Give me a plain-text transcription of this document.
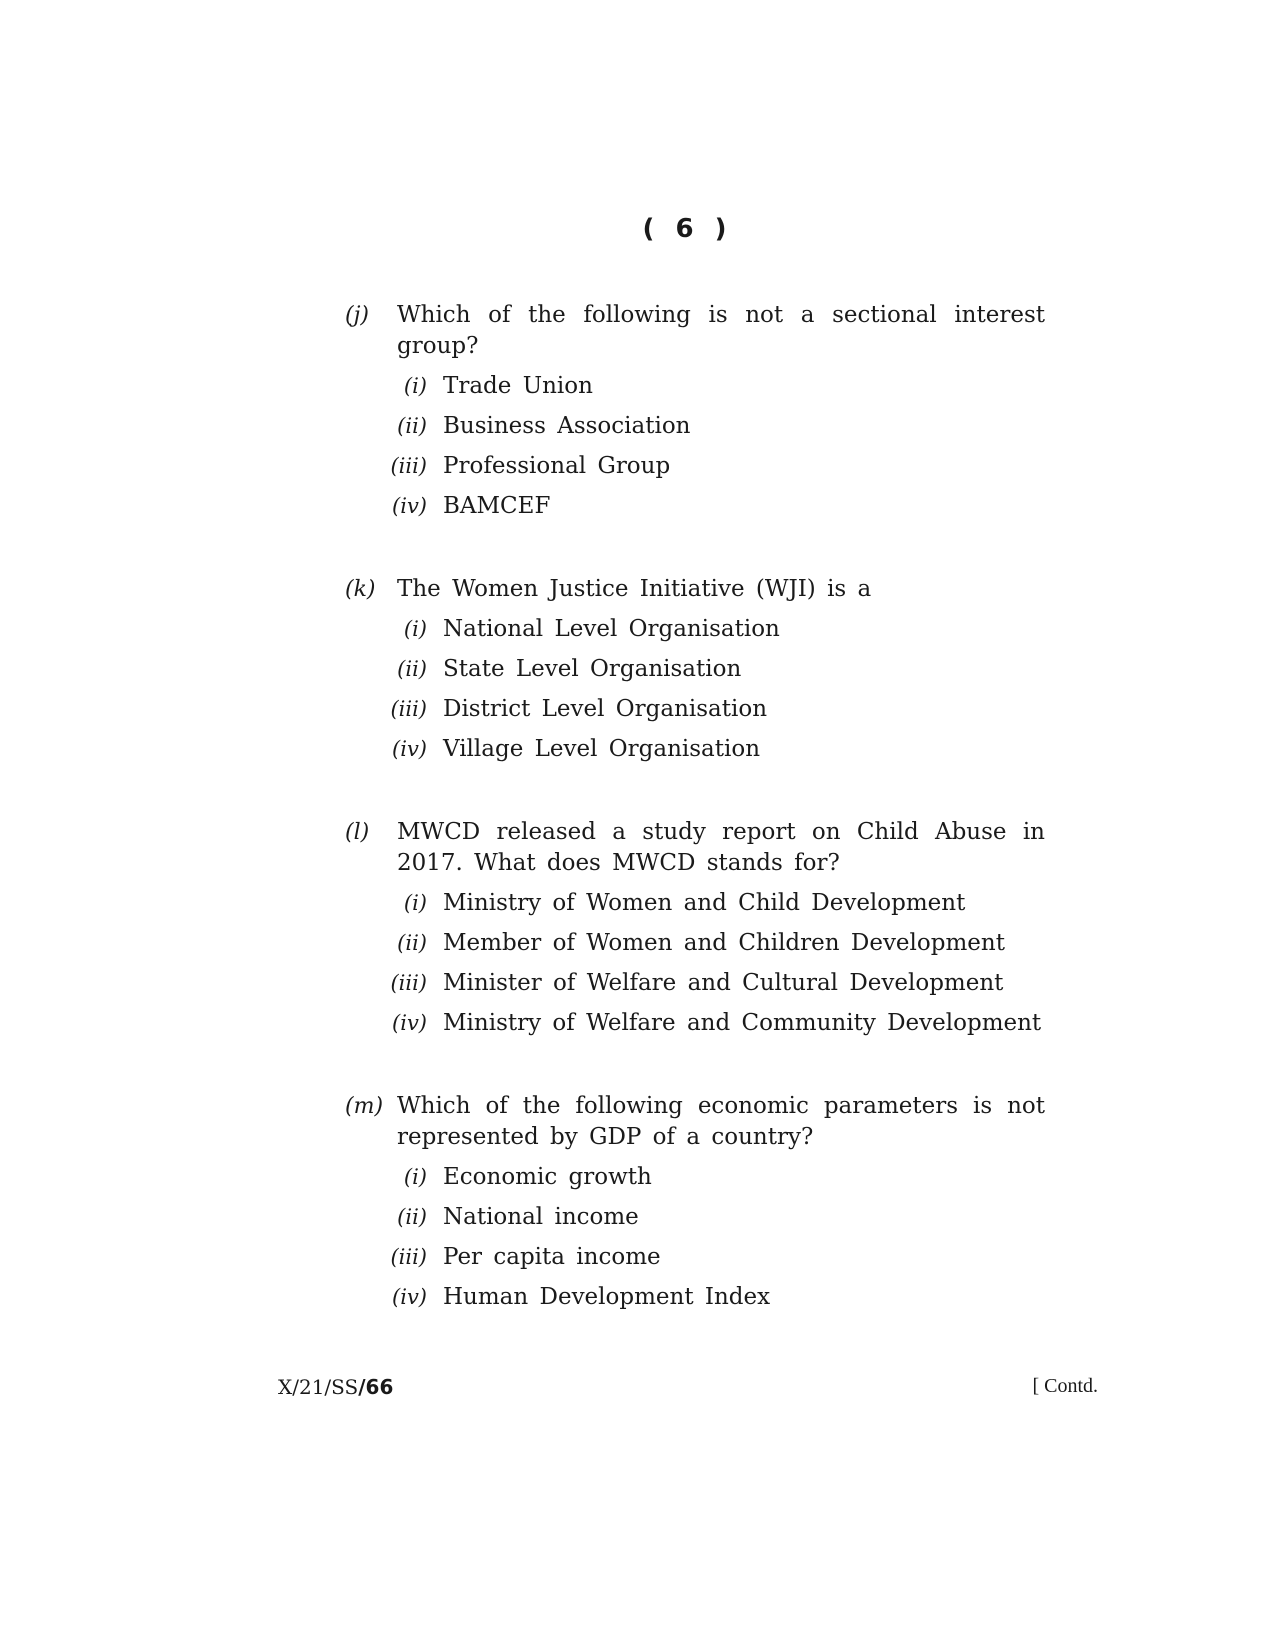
( 6 )
(j)	Which of the following is not a sectional interest group?
(i) Trade Union
(ii) Business Association
(iii) Professional Group
(iv) BAMCEF
(k) The Women Justice Initiative (WJI) is a
(i) National Level Organisation
(ii) State Level Organisation
(iii) District Level Organisation
(iv) Village Level Organisation
(l)	MWCD released a study report on Child Abuse in 2017. What does MWCD stands for?
(i) Ministry of Women and Child Development
(ii) Member of Women and Children Development
(iii) Minister of Welfare and Cultural Development
(iv) Ministry of Welfare and Community Development
(m) Which of the following economic parameters is not represented by GDP of a country?
(i) Economic growth
(ii) National income
(iii) Per capita income
(iv) Human Development Index
X/21/SS/66	[ Contd.
